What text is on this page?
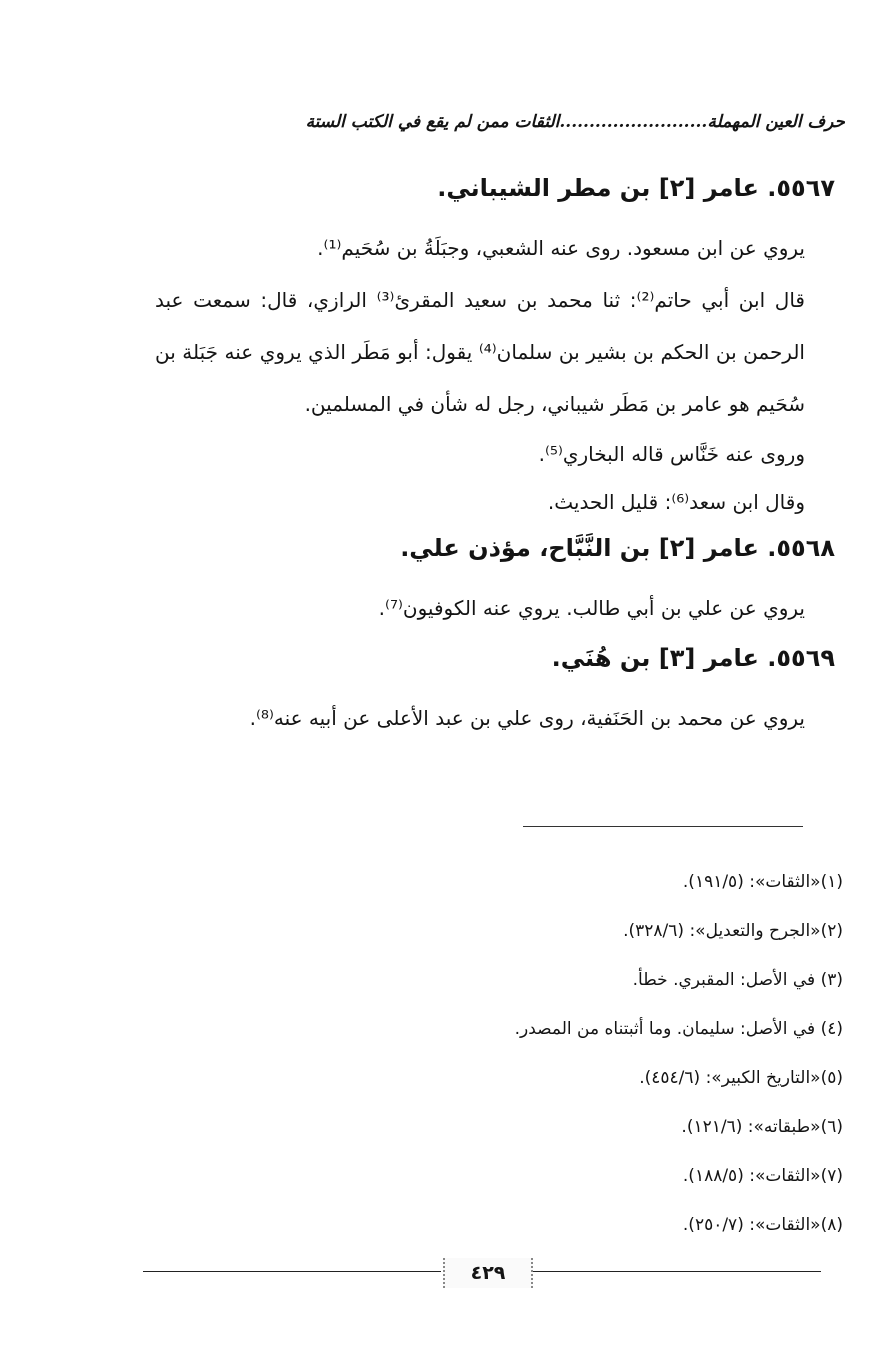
حرف العين المهملة.........................الثقات ممن لم يقع في الكتب الستة
٥٥٦٧. عامر [٢] بن مطر الشيباني.

يروي عن ابن مسعود. روى عنه الشعبي، وجبَلَةُ بن سُحَيم⁽¹⁾.

قال ابن أبي حاتم⁽²⁾: ثنا محمد بن سعيد المقرئ⁽³⁾ الرازي، قال: سمعت عبد الرحمن بن الحكم بن بشير بن سلمان⁽⁴⁾ يقول: أبو مَطَر الذي يروي عنه جَبَلة بن سُحَيم هو عامر بن مَطَر شيباني، رجل له شأن في المسلمين.

وروى عنه خَنَّاس قاله البخاري⁽⁵⁾.

وقال ابن سعد⁽⁶⁾: قليل الحديث.

٥٥٦٨. عامر [٢] بن النَّبَّاح، مؤذن علي.

يروي عن علي بن أبي طالب. يروي عنه الكوفيون⁽⁷⁾.

٥٥٦٩. عامر [٣] بن هُنَي.

يروي عن محمد بن الحَنَفية، روى علي بن عبد الأعلى عن أبيه عنه⁽⁸⁾.

(١)«الثقات»: (١٩١/٥).
(٢)«الجرح والتعديل»: (٣٢٨/٦).
(٣) في الأصل: المقبري. خطأ.
(٤) في الأصل: سليمان. وما أثبتناه من المصدر.
(٥)«التاريخ الكبير»: (٤٥٤/٦).
(٦)«طبقاته»: (١٢١/٦).
(٧)«الثقات»: (١٨٨/٥).
(٨)«الثقات»: (٢٥٠/٧).
٤٢٩
